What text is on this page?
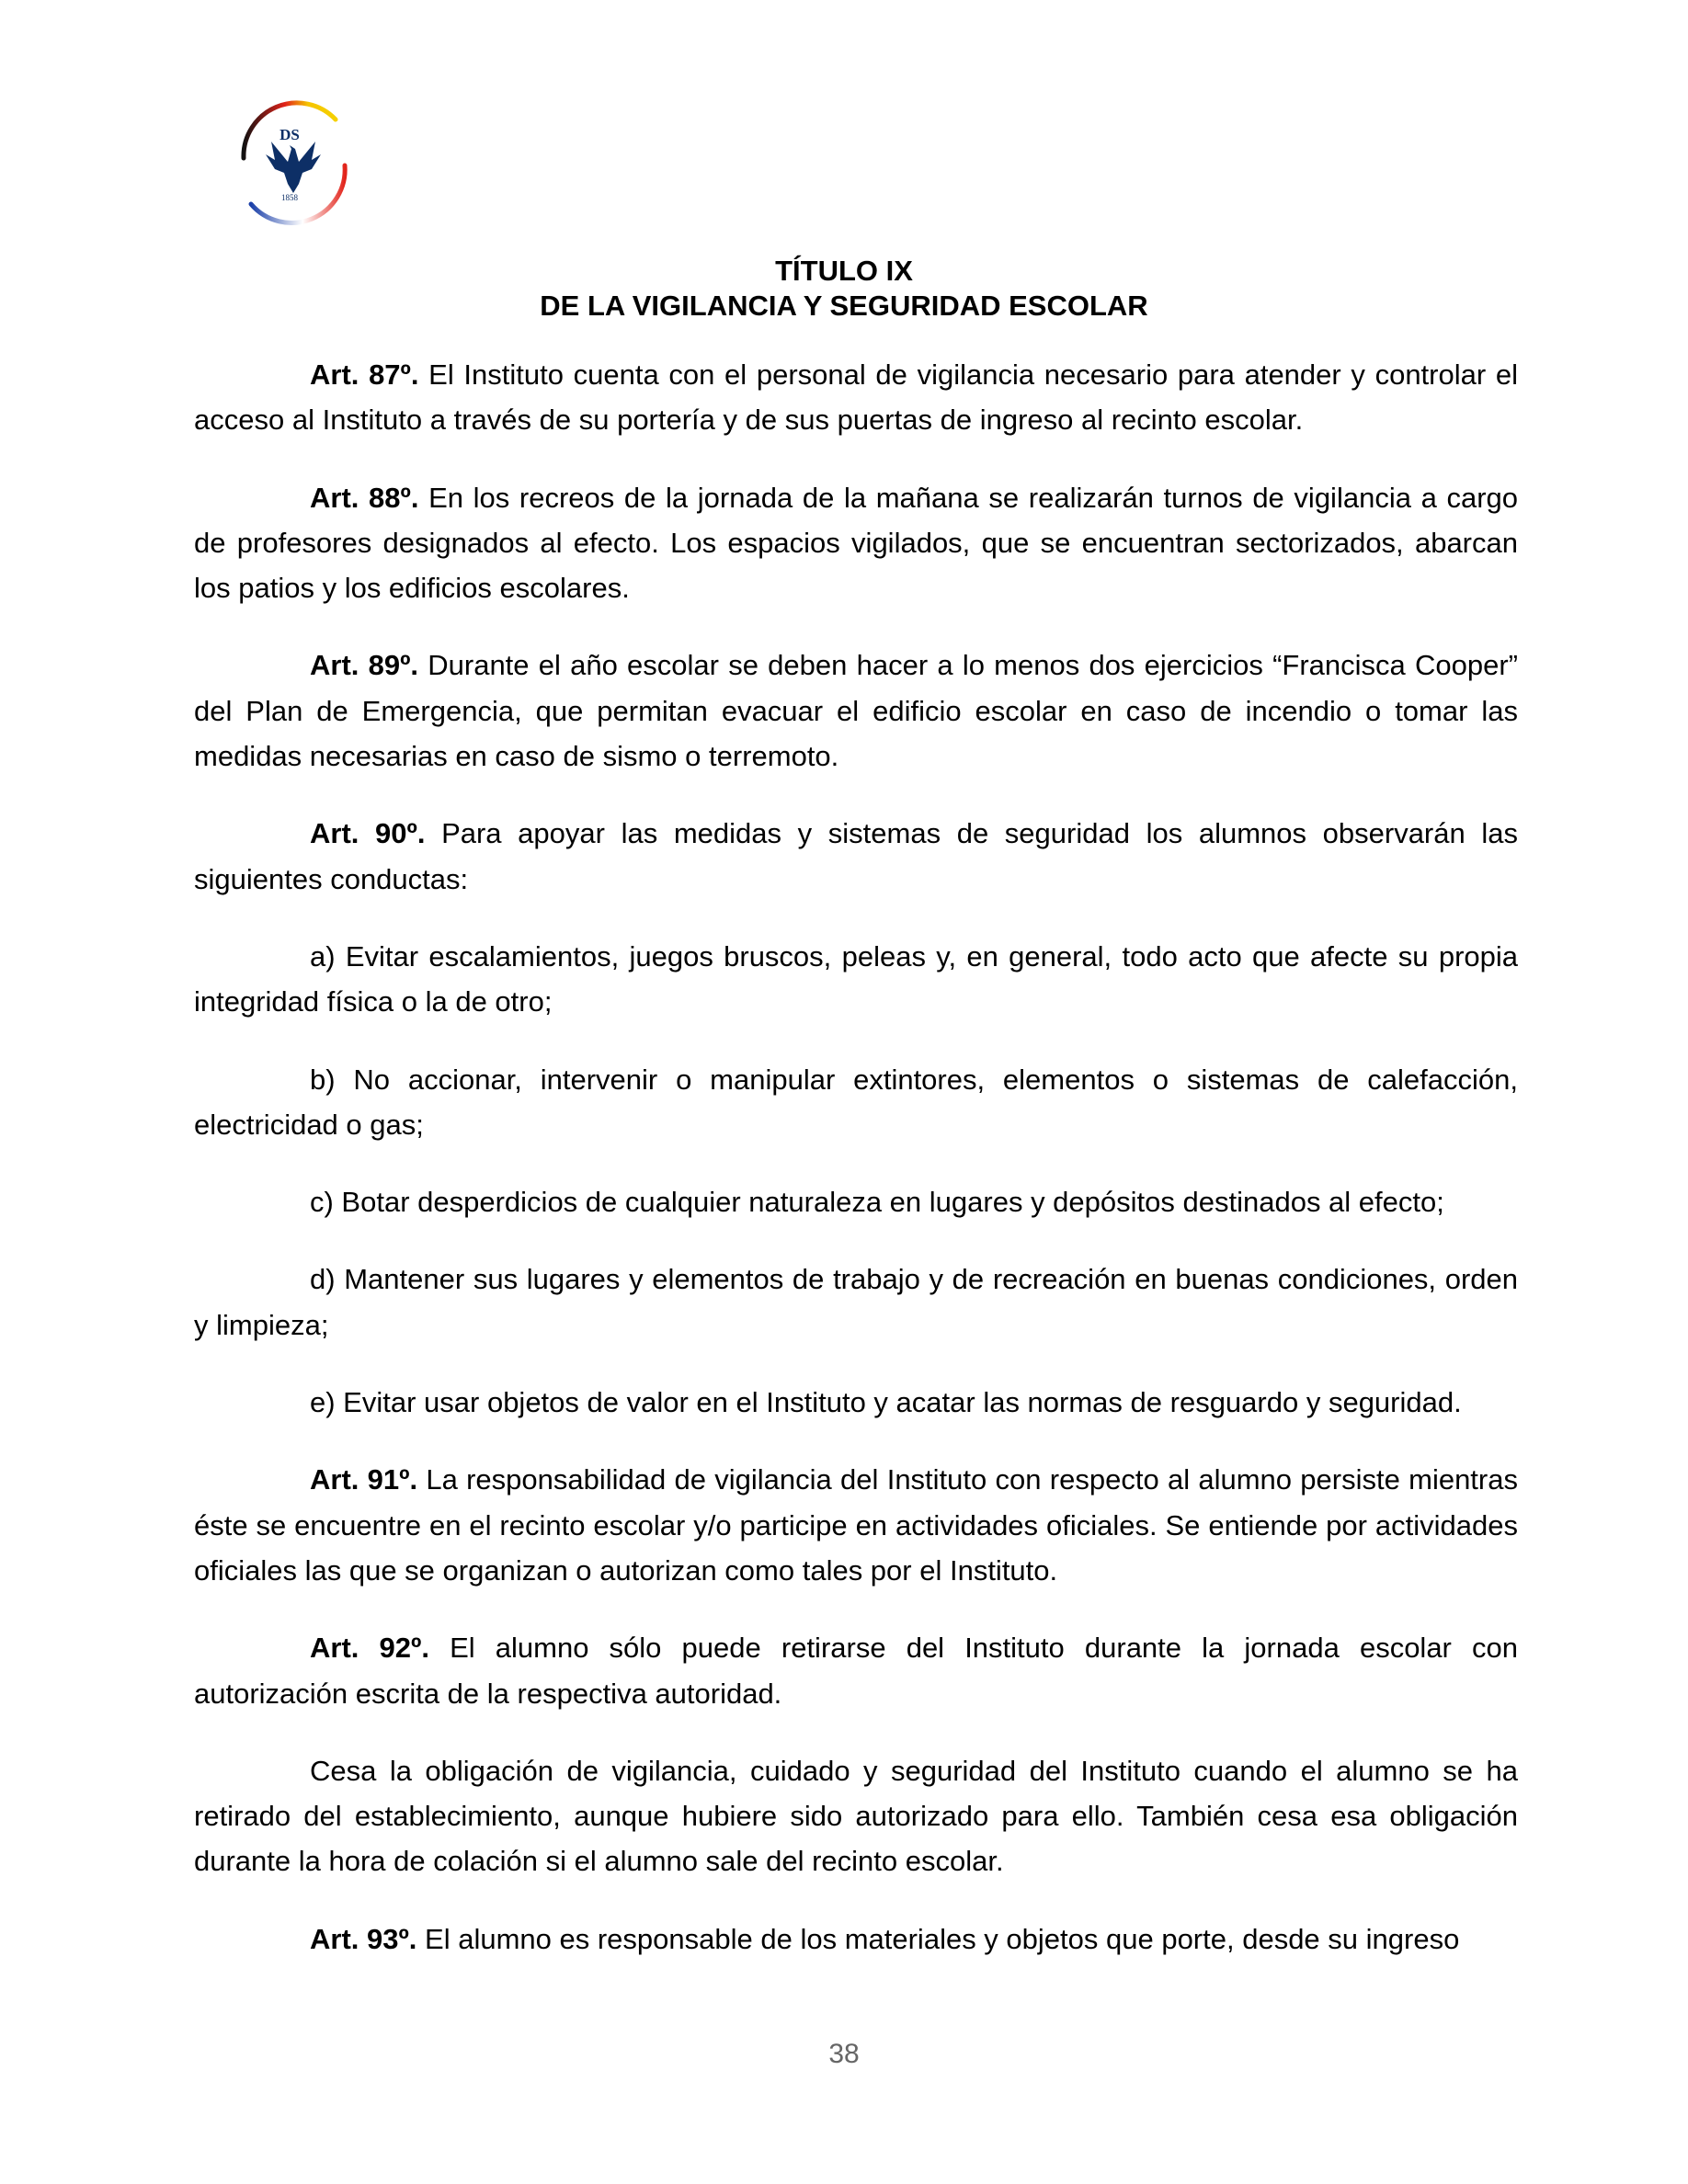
DS
1858
TÍTULO IX
DE LA VIGILANCIA Y SEGURIDAD ESCOLAR

Art. 87º. El Instituto cuenta con el personal de vigilancia necesario para atender y controlar el acceso al Instituto a través de su portería y de sus puertas de ingreso al recinto escolar.

Art. 88º. En los recreos de la jornada de la mañana se realizarán turnos de vigilancia a cargo de profesores designados al efecto. Los espacios vigilados, que se encuentran sectorizados, abarcan los patios y los edificios escolares.

Art. 89º. Durante el año escolar se deben hacer a lo menos dos ejercicios “Francisca Cooper” del Plan de Emergencia, que permitan evacuar el edificio escolar en caso de incendio o tomar las medidas necesarias en caso de sismo o terremoto.

Art. 90º. Para apoyar las medidas y sistemas de seguridad los alumnos observarán las siguientes conductas:

a) Evitar escalamientos, juegos bruscos, peleas y, en general, todo acto que afecte su propia integridad física o la de otro;

b) No accionar, intervenir o manipular extintores, elementos o sistemas de calefacción, electricidad o gas;

c) Botar desperdicios de cualquier naturaleza en lugares y depósitos destinados al efecto;

d) Mantener sus lugares y elementos de trabajo y de recreación en buenas condiciones, orden y limpieza;

e) Evitar usar objetos de valor en el Instituto y acatar las normas de resguardo y seguridad.

Art. 91º. La responsabilidad de vigilancia del Instituto con respecto al alumno persiste mientras éste se encuentre en el recinto escolar y/o participe en actividades oficiales. Se entiende por actividades oficiales las que se organizan o autorizan como tales por el Instituto.

Art. 92º. El alumno sólo puede retirarse del Instituto durante la jornada escolar con autorización escrita de la respectiva autoridad.

Cesa la obligación de vigilancia, cuidado y seguridad del Instituto cuando el alumno se ha retirado del establecimiento, aunque hubiere sido autorizado para ello. También cesa esa obligación durante la hora de colación si el alumno sale del recinto escolar.

Art. 93º. El alumno es responsable de los materiales y objetos que porte, desde su ingreso

38
